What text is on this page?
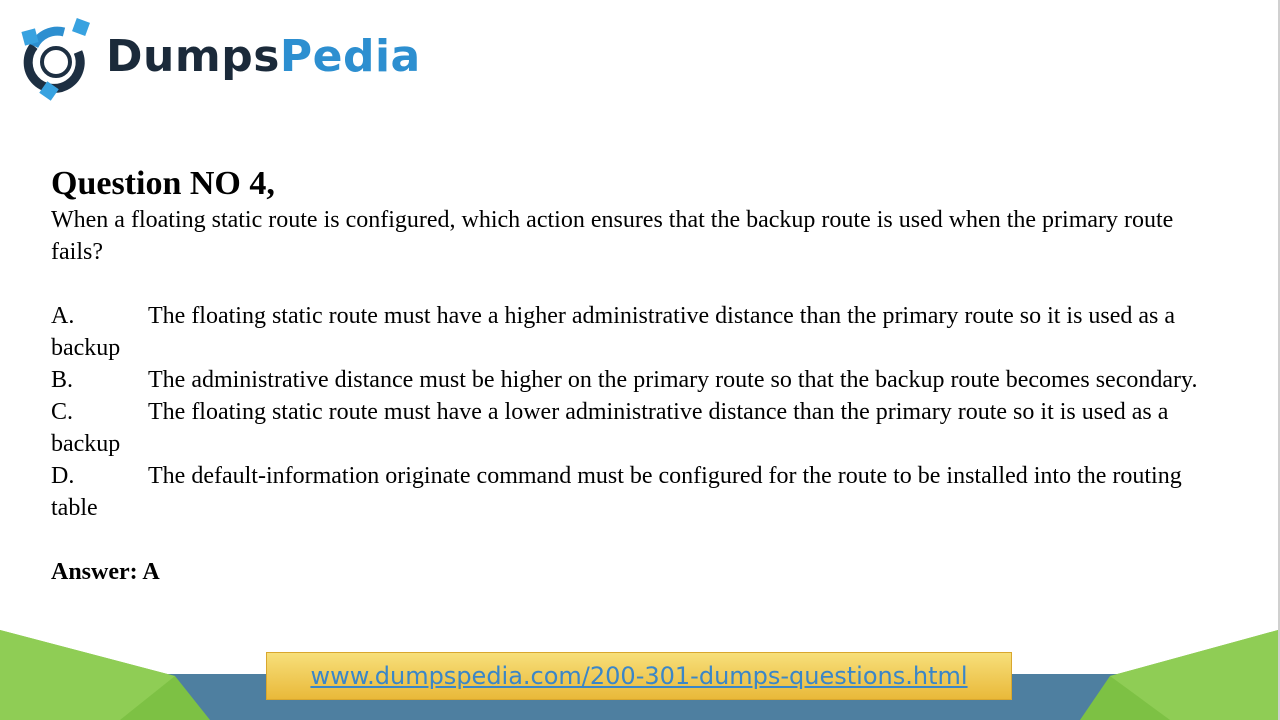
DumpsPedia
Question NO 4,

When a floating static route is configured, which action ensures that the backup route is used when the primary route fails?

A.	The floating static route must have a higher administrative distance than the primary route so it is used as a backup
B.	The administrative distance must be higher on the primary route so that the backup route becomes secondary.
C.	The floating static route must have a lower administrative distance than the primary route so it is used as a backup
D.	The default-information originate command must be configured for the route to be installed into the routing table
Answer: A
www.dumpspedia.com/200-301-dumps-questions.html
